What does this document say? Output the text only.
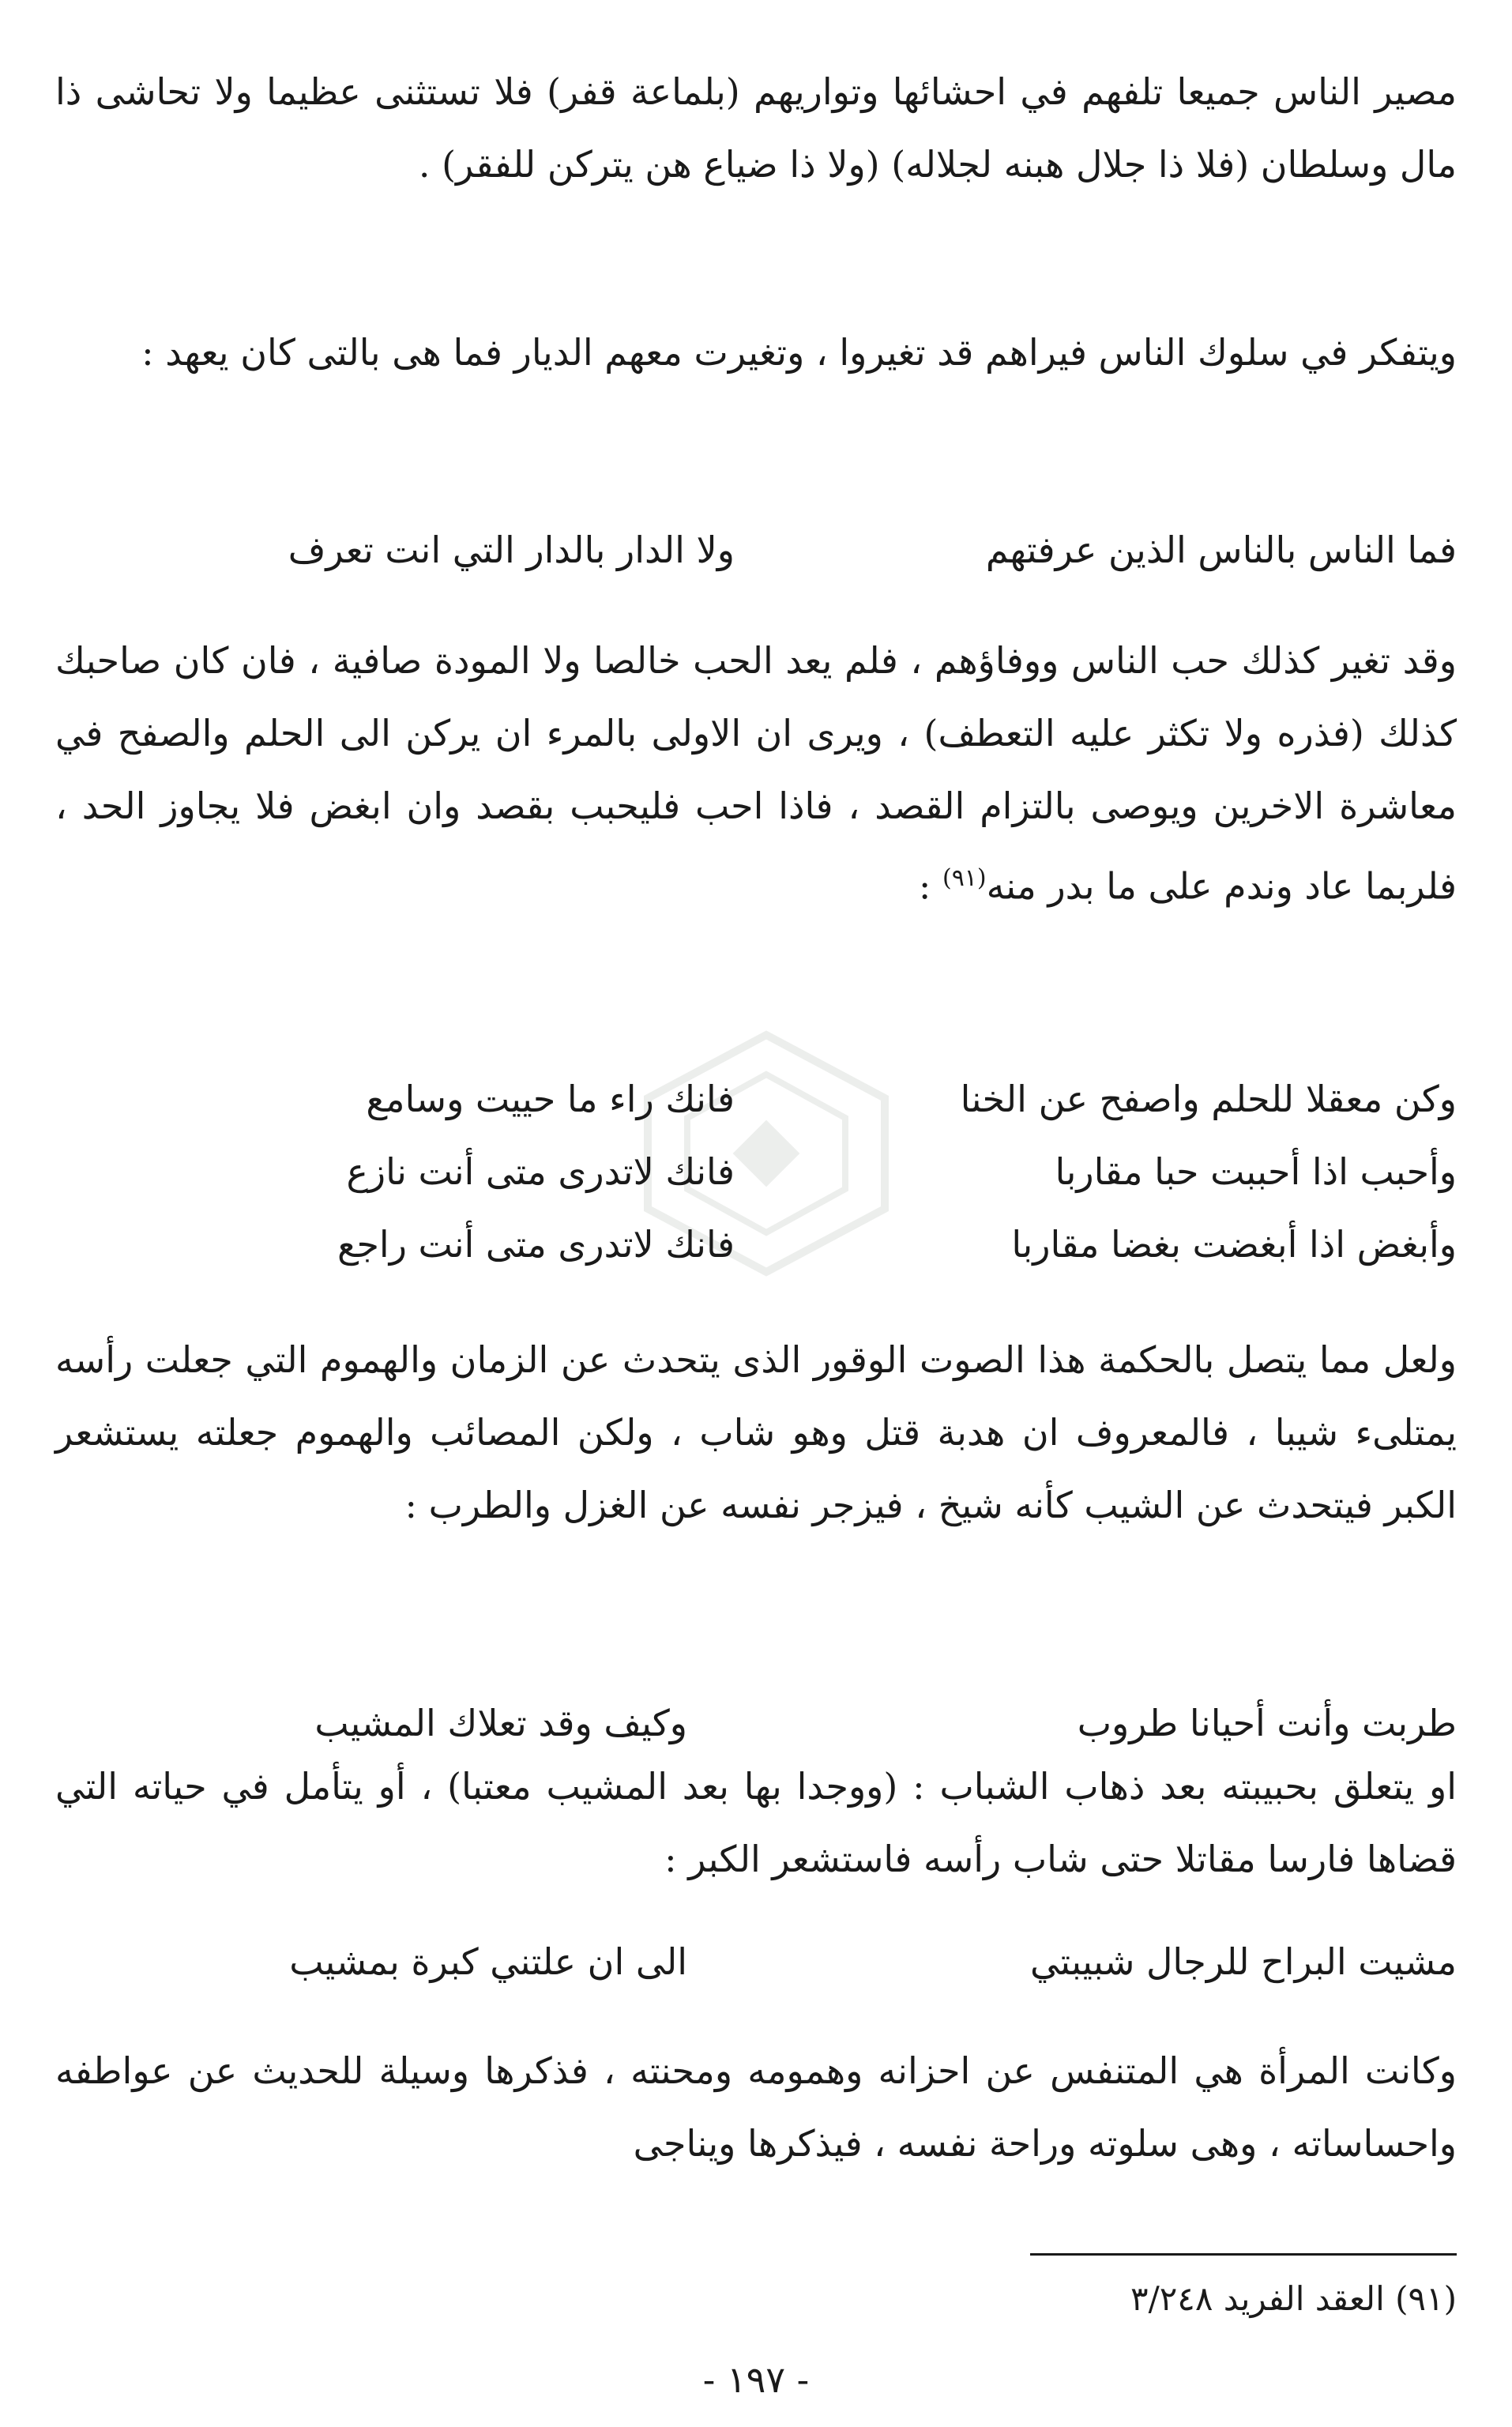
مصير الناس جميعا تلفهم في احشائها وتواريهم (بلماعة قفر) فلا تستثنى عظيما ولا تحاشى ذا مال وسلطان (فلا ذا جلال هبنه لجلاله) (ولا ذا ضياع هن يتركن للفقر) .

ويتفكر في سلوك الناس فيراهم قد تغيروا ، وتغيرت معهم الديار فما هى بالتى كان يعهد :

فما الناس بالناس الذين عرفتهم
ولا الدار بالدار التي انت تعرف

وقد تغير كذلك حب الناس ووفاؤهم ، فلم يعد الحب خالصا ولا المودة صافية ، فان كان صاحبك كذلك (فذره ولا تكثر عليه التعطف) ، ويرى ان الاولى بالمرء ان يركن الى الحلم والصفح في معاشرة الاخرين ويوصى بالتزام القصد ، فاذا احب فليحبب بقصد وان ابغض فلا يجاوز الحد ، فلربما عاد وندم على ما بدر منه$^{(٩١)}$ :

وكن معقلا للحلم واصفح عن الخنا
فانك راء ما حييت وسامع
وأحبب اذا أحببت حبا مقاربا
فانك لاتدرى متى أنت نازع
وأبغض اذا أبغضت بغضا مقاربا
فانك لاتدرى متى أنت راجع

ولعل مما يتصل بالحكمة هذا الصوت الوقور الذى يتحدث عن الزمان والهموم التي جعلت رأسه يمتلىء شيبا ، فالمعروف ان هدبة قتل وهو شاب ، ولكن المصائب والهموم جعلته يستشعر الكبر فيتحدث عن الشيب كأنه شيخ ، فيزجر نفسه عن الغزل والطرب :

طربت وأنت أحيانا طروب
وكيف وقد تعلاك المشيب

او يتعلق بحبيبته بعد ذهاب الشباب : (ووجدا بها بعد المشيب معتبا) ، أو يتأمل في حياته التي قضاها فارسا مقاتلا حتى شاب رأسه فاستشعر الكبر :

مشيت البراح للرجال شبيبتي
الى ان علتني كبرة بمشيب

وكانت المرأة هي المتنفس عن احزانه وهمومه ومحنته ، فذكرها وسيلة للحديث عن عواطفه واحساساته ، وهى سلوته وراحة نفسه ، فيذكرها ويناجى

(٩١) العقد الفريد ٣/٢٤٨
- ١٩٧ -
